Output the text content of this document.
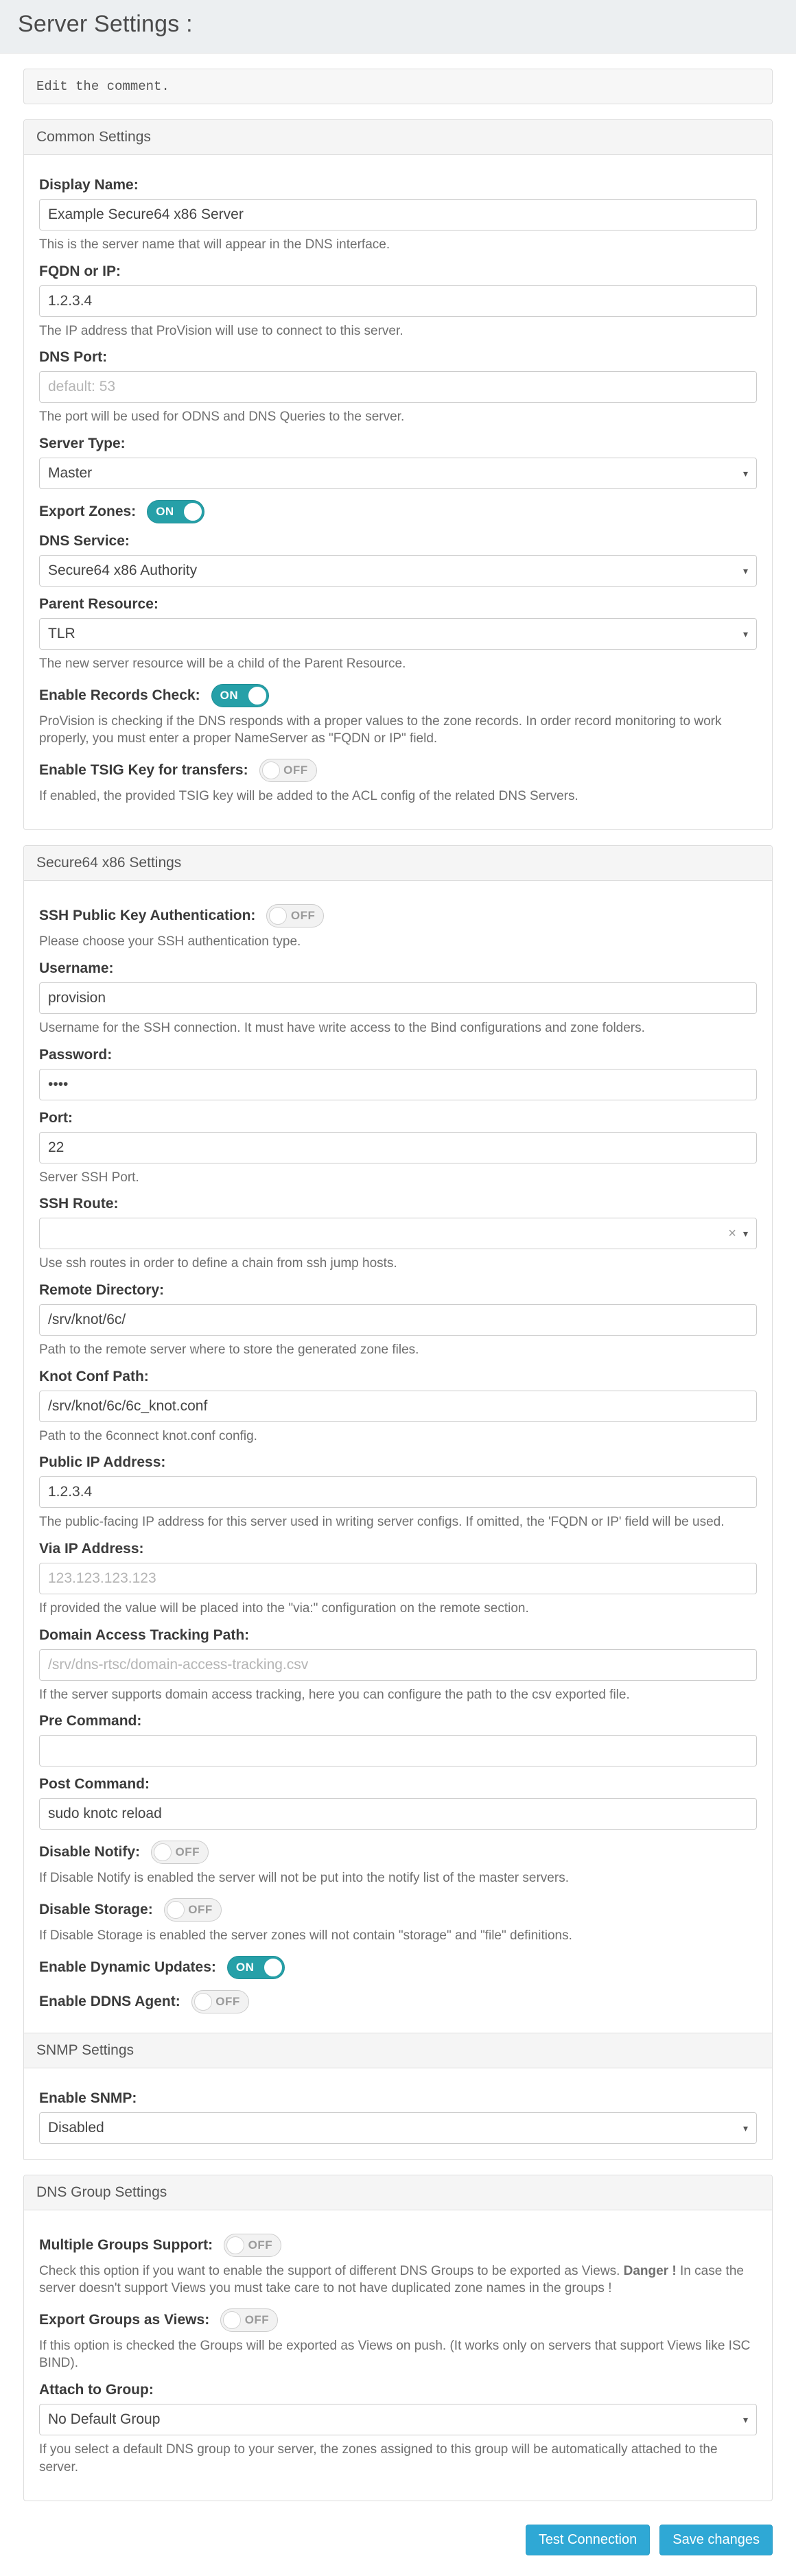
Server Settings :
Edit the comment.
Common Settings
Display Name:
Example Secure64 x86 Server
This is the server name that will appear in the DNS interface.
FQDN or IP:
1.2.3.4
The IP address that ProVision will use to connect to this server.
DNS Port:
default: 53
The port will be used for ODNS and DNS Queries to the server.
Server Type:
Master	▾
Export Zones: ON
DNS Service:
Secure64 x86 Authority	▾
Parent Resource:
TLR	▾
The new server resource will be a child of the Parent Resource.
Enable Records Check: ON
ProVision is checking if the DNS responds with a proper values to the zone records. In order record monitoring to work properly, you must enter a proper NameServer as "FQDN or IP" field.
Enable TSIG Key for transfers:	OFF
If enabled, the provided TSIG key will be added to the ACL config of the related DNS Servers.
Secure64 x86 Settings
SSH Public Key Authentication:	OFF
Please choose your SSH authentication type.
Username:
provision
Username for the SSH connection. It must have write access to the Bind configurations and zone folders.
Password:
••••
Port:
22
Server SSH Port.
SSH Route:
× ▾
Use ssh routes in order to define a chain from ssh jump hosts.
Remote Directory:
/srv/knot/6c/
Path to the remote server where to store the generated zone files.
Knot Conf Path:
/srv/knot/6c/6c_knot.conf
Path to the 6connect knot.conf config.
Public IP Address:
1.2.3.4
The public-facing IP address for this server used in writing server configs. If omitted, the 'FQDN or IP' field will be used.
Via IP Address:
123.123.123.123
If provided the value will be placed into the "via:" configuration on the remote section.
Domain Access Tracking Path:
/srv/dns-rtsc/domain-access-tracking.csv
If the server supports domain access tracking, here you can configure the path to the csv exported file.
Pre Command:
Post Command:
sudo knotc reload
Disable Notify:	OFF
If Disable Notify is enabled the server will not be put into the notify list of the master servers.
Disable Storage:	OFF
If Disable Storage is enabled the server zones will not contain "storage" and "file" definitions.
Enable Dynamic Updates: ON
Enable DDNS Agent:	OFF
SNMP Settings
Enable SNMP:
Disabled	▾
DNS Group Settings
Multiple Groups Support:	OFF
Check this option if you want to enable the support of different DNS Groups to be exported as Views. Danger ! In case the server doesn't support Views you must take care to not have duplicated zone names in the groups !
Export Groups as Views:	OFF
If this option is checked the Groups will be exported as Views on push. (It works only on servers that support Views like ISC BIND).
Attach to Group:
No Default Group	▾
If you select a default DNS group to your server, the zones assigned to this group will be automatically attached to the server.
Test Connection	Save changes
